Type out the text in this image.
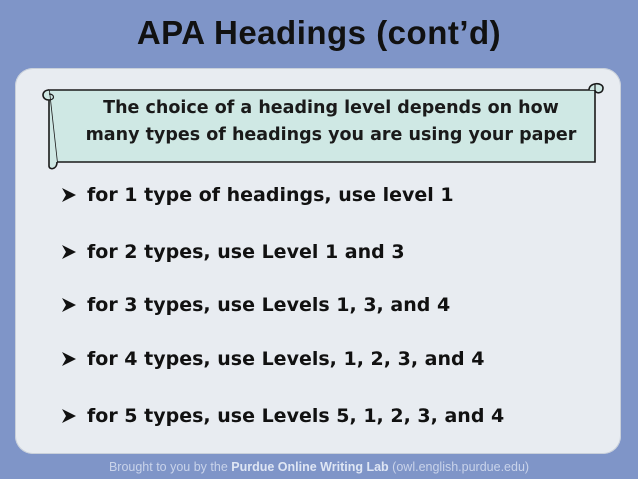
APA Headings (cont’d)
The choice of a heading level depends on how
many types of headings you are using your paper
for 1 type of headings, use level 1
for 2 types, use Level 1 and 3
for 3 types, use Levels 1, 3, and 4
for 4 types, use Levels, 1, 2, 3, and 4
for 5 types, use Levels 5, 1, 2, 3, and 4
Brought to you by the Purdue Online Writing Lab (owl.english.purdue.edu)
